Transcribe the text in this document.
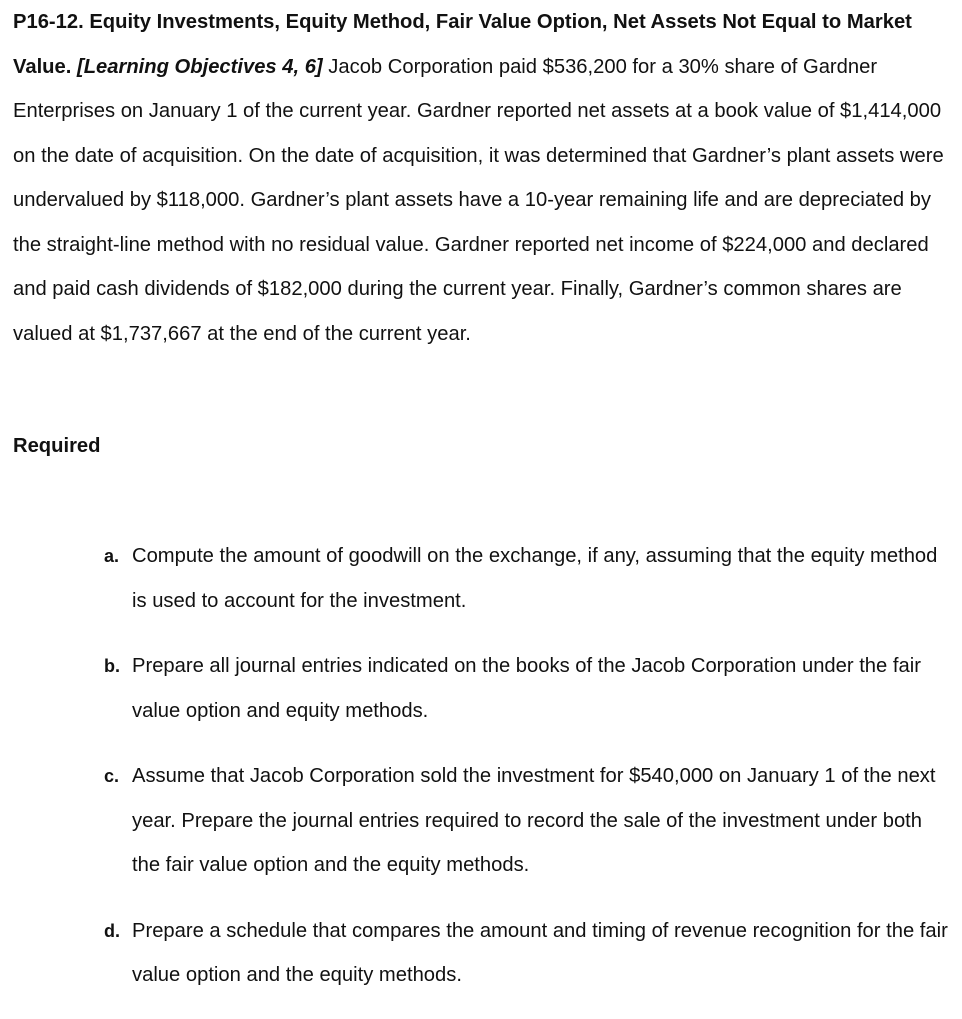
P16-12. Equity Investments, Equity Method, Fair Value Option, Net Assets Not Equal to Market Value. [Learning Objectives 4, 6] Jacob Corporation paid $536,200 for a 30% share of Gardner Enterprises on January 1 of the current year. Gardner reported net assets at a book value of $1,414,000 on the date of acquisition. On the date of acquisition, it was determined that Gardner’s plant assets were undervalued by $118,000. Gardner’s plant assets have a 10-year remaining life and are depreciated by the straight-line method with no residual value. Gardner reported net income of $224,000 and declared and paid cash dividends of $182,000 during the current year. Finally, Gardner’s common shares are valued at $1,737,667 at the end of the current year.

Required
a. Compute the amount of goodwill on the exchange, if any, assuming that the equity method is used to account for the investment.
b. Prepare all journal entries indicated on the books of the Jacob Corporation under the fair value option and equity methods.
c. Assume that Jacob Corporation sold the investment for $540,000 on January 1 of the next year. Prepare the journal entries required to record the sale of the investment under both the fair value option and the equity methods.
d. Prepare a schedule that compares the amount and timing of revenue recognition for the fair value option and the equity methods.
